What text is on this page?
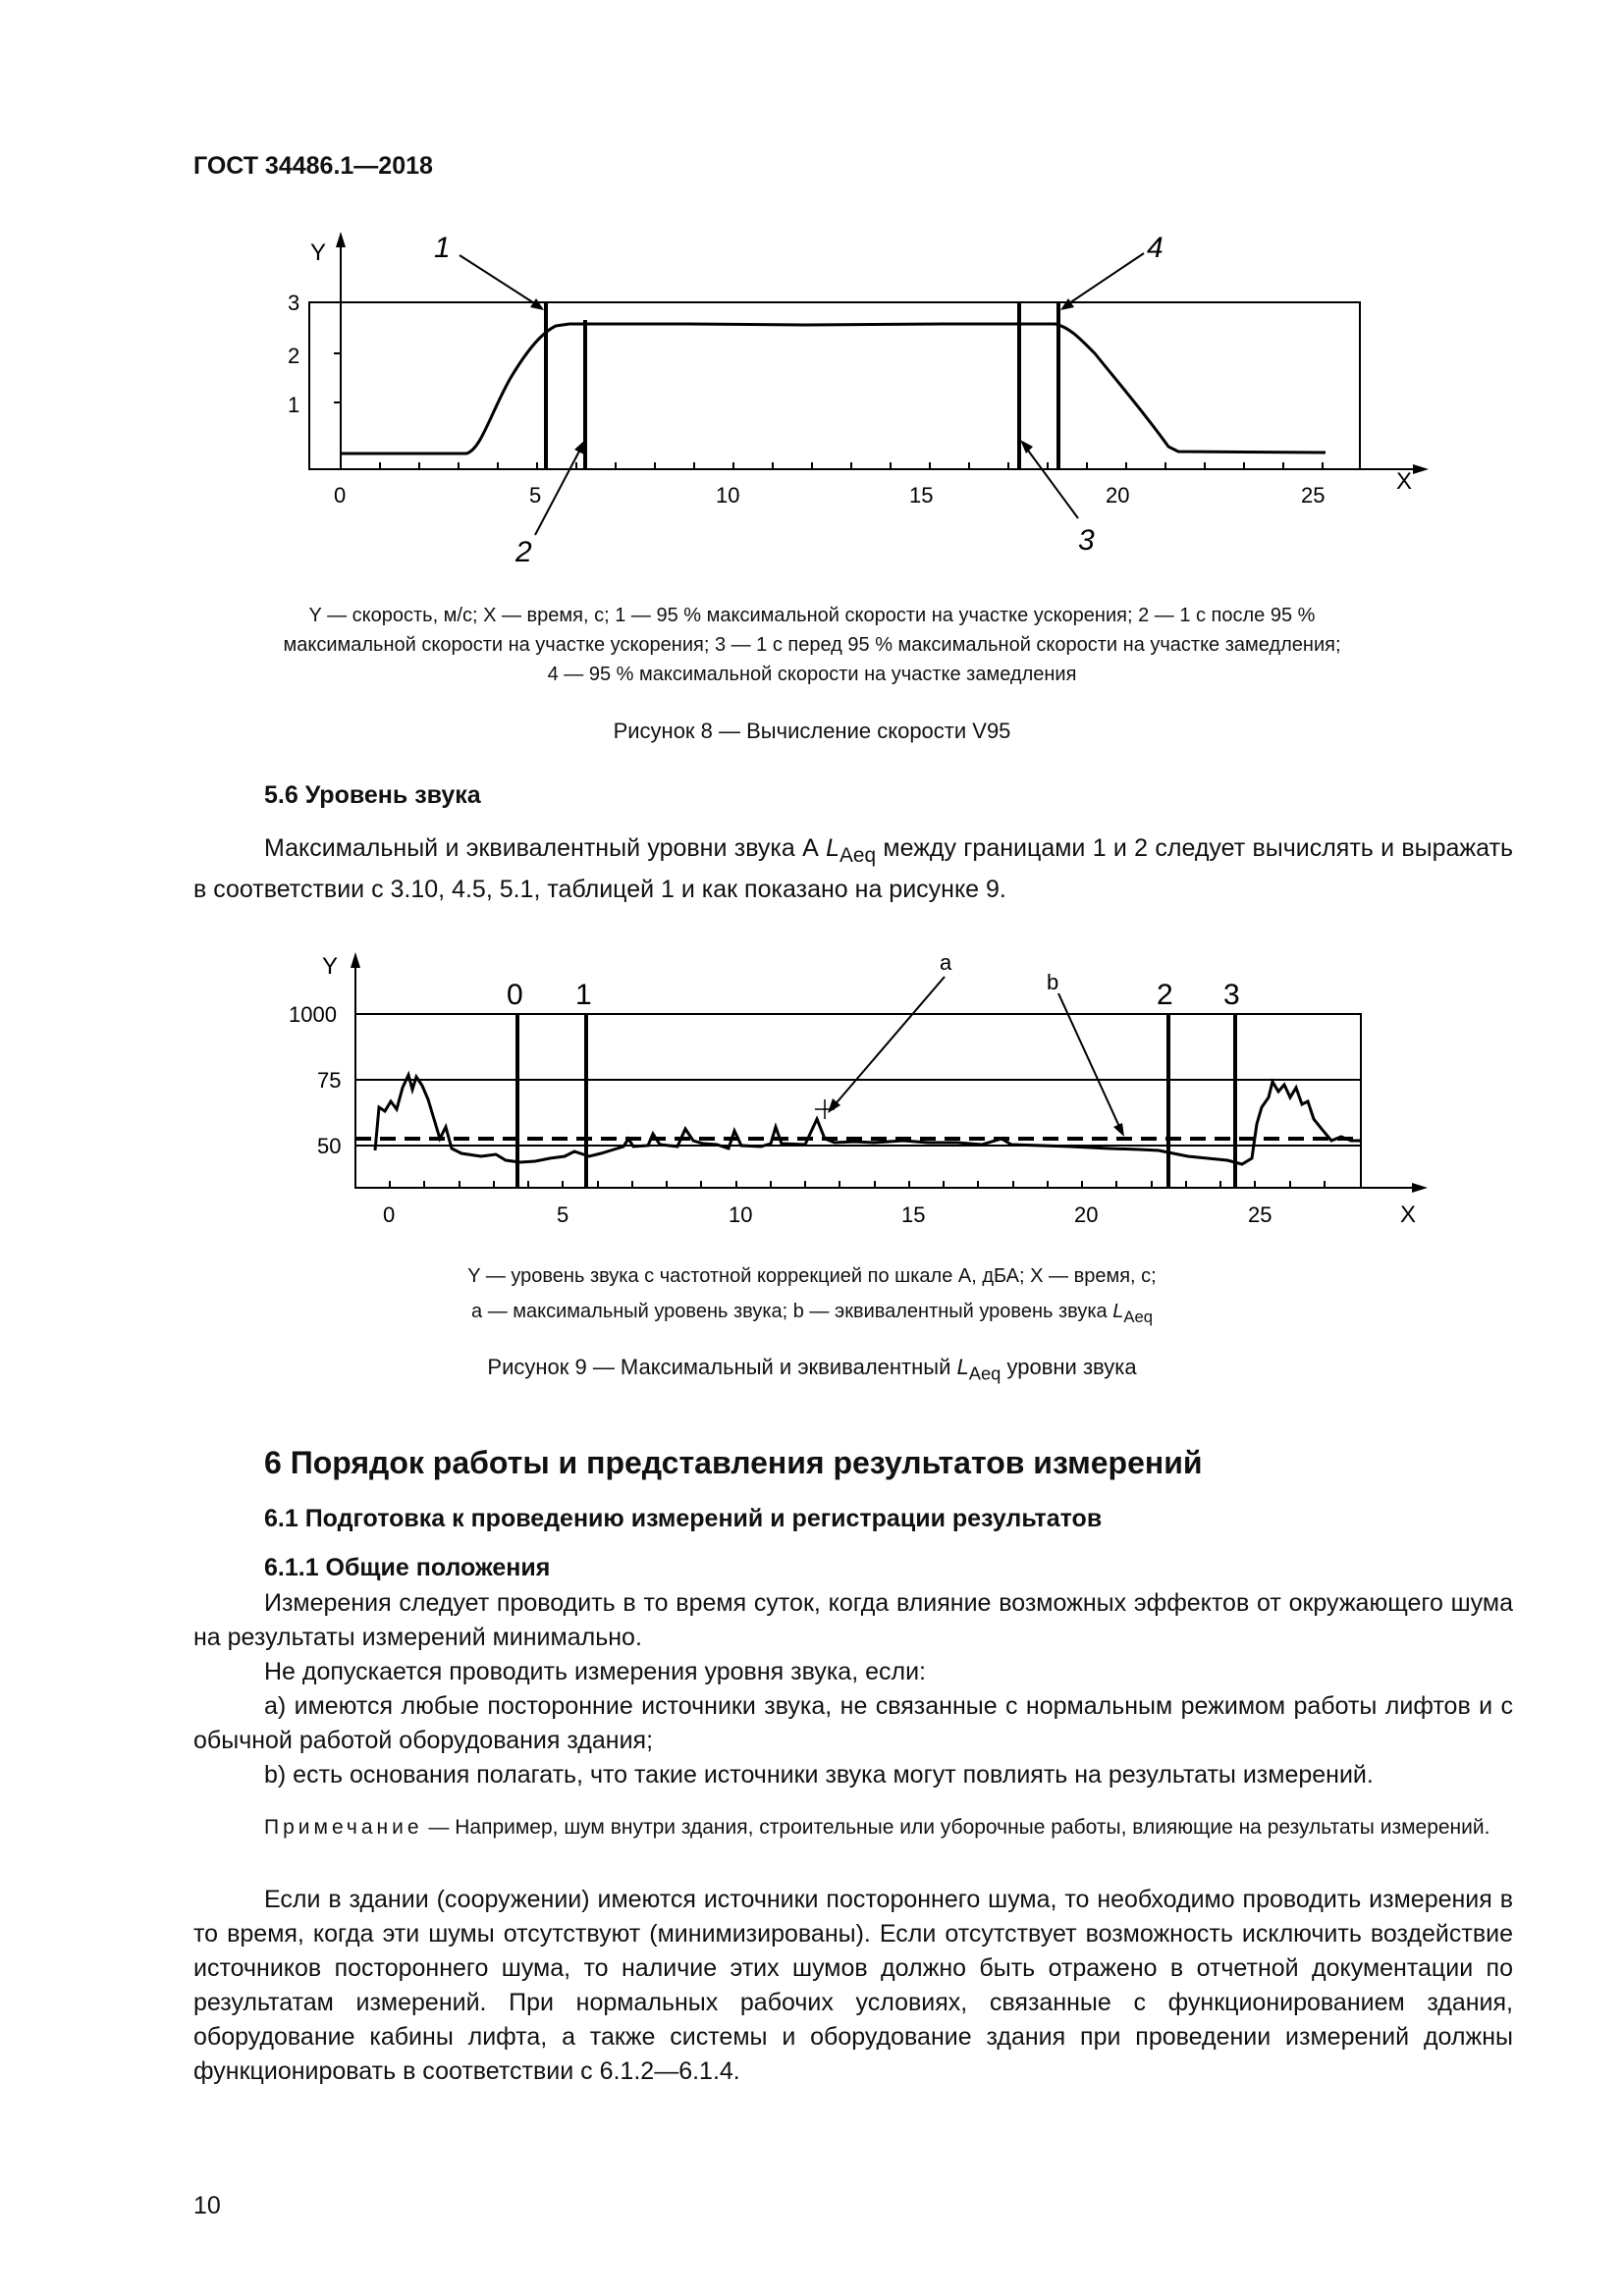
ГОСТ 34486.1—2018
Y
X
1
2
3
0	5	10	15	20	25
1
2	3
4
Y — скорость, м/с; X — время, с; 1 — 95 % максимальной скорости на участке ускорения; 2 — 1 с после 95 %
максимальной скорости на участке ускорения; 3 — 1 с перед 95 % максимальной скорости на участке замедления;
4 — 95 % максимальной скорости на участке замедления
Рисунок 8 — Вычисление скорости V95
5.6 Уровень звука
Максимальный и эквивалентный уровни звука А $L_{Aeq}$ между границами 1 и 2 следует вычислять и выражать в соответствии с 3.10, 4.5, 5.1, таблицей 1 и как показано на рисунке 9.
Y
X
1000
75
50
0	5	10	15	20	25
0 1	2 3
a
b
Y — уровень звука с частотной коррекцией по шкале А, дБА; X — время, с;
a — максимальный уровень звука; b — эквивалентный уровень звука $L_{Aeq}$
Рисунок 9 — Максимальный и эквивалентный $L_{Aeq}$ уровни звука
6 Порядок работы и представления результатов измерений
6.1 Подготовка к проведению измерений и регистрации результатов
6.1.1 Общие положения
Измерения следует проводить в то время суток, когда влияние возможных эффектов от окружающего шума на результаты измерений минимально.
Не допускается проводить измерения уровня звука, если:
a) имеются любые посторонние источники звука, не связанные с нормальным режимом работы лифтов и с обычной работой оборудования здания;
b) есть основания полагать, что такие источники звука могут повлиять на результаты измерений.
Примечание — Например, шум внутри здания, строительные или уборочные работы, влияющие на результаты измерений.
Если в здании (сооружении) имеются источники постороннего шума, то необходимо проводить измерения в то время, когда эти шумы отсутствуют (минимизированы). Если отсутствует возможность исключить воздействие источников постороннего шума, то наличие этих шумов должно быть отражено в отчетной документации по результатам измерений. При нормальных рабочих условиях, связанные с функционированием здания, оборудование кабины лифта, а также системы и оборудование здания при проведении измерений должны функционировать в соответствии с 6.1.2—6.1.4.
10
